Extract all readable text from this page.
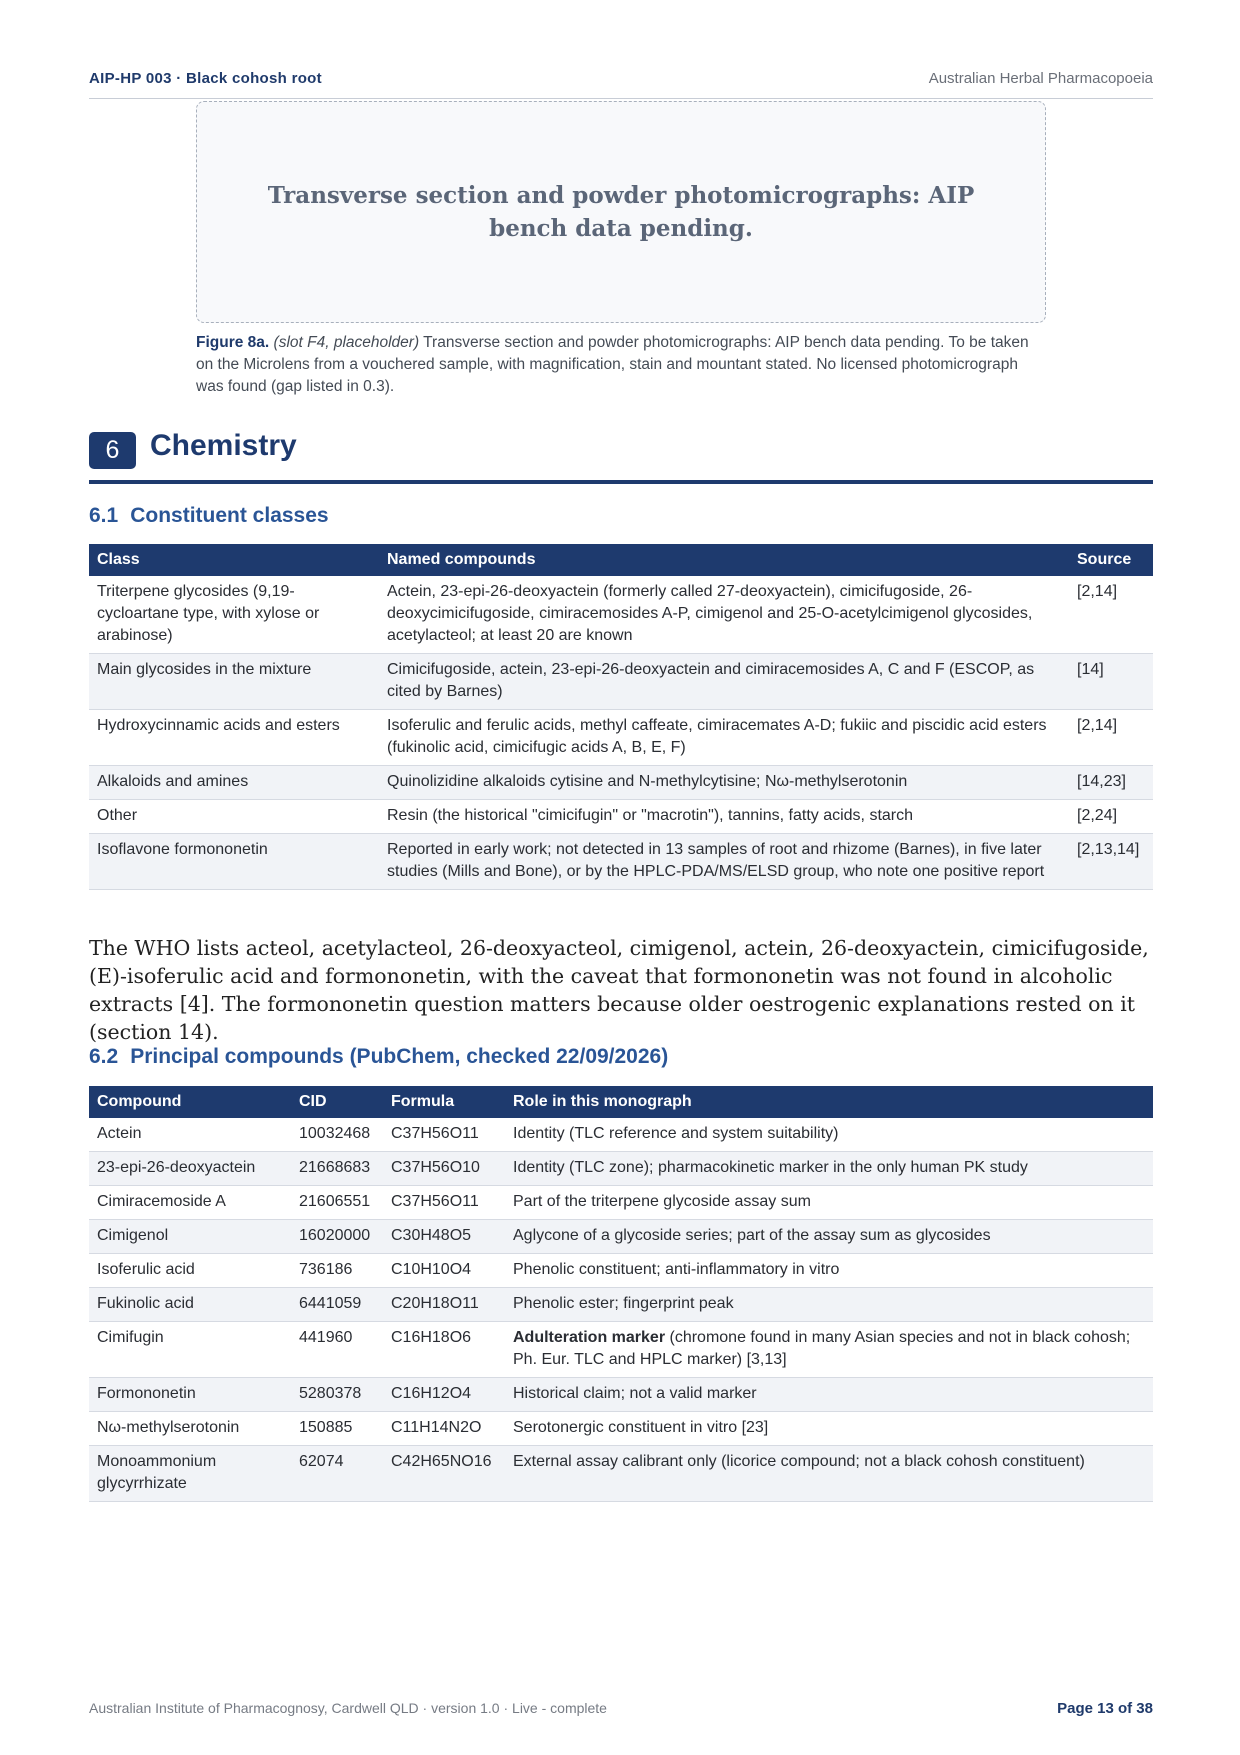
AIP-HP 003 · Black cohosh root	Australian Herbal Pharmacopoeia
Transverse section and powder photomicrographs: AIP bench data pending.
Figure 8a. (slot F4, placeholder) Transverse section and powder photomicrographs: AIP bench data pending. To be taken on the Microlens from a vouchered sample, with magnification, stain and mountant stated. No licensed photomicrograph was found (gap listed in 0.3).
6	Chemistry
6.1 Constituent classes
Class	Named compounds	Source
Triterpene glycosides (9,19-cycloartane type, with xylose or arabinose)	Actein, 23-epi-26-deoxyactein (formerly called 27-deoxyactein), cimicifugoside, 26-deoxycimicifugoside, cimiracemosides A-P, cimigenol and 25-O-acetylcimigenol glycosides, acetylacteol; at least 20 are known	[2,14]
Main glycosides in the mixture	Cimicifugoside, actein, 23-epi-26-deoxyactein and cimiracemosides A, C and F (ESCOP, as cited by Barnes)	[14]
Hydroxycinnamic acids and esters	Isoferulic and ferulic acids, methyl caffeate, cimiracemates A-D; fukiic and piscidic acid esters (fukinolic acid, cimicifugic acids A, B, E, F)	[2,14]
Alkaloids and amines	Quinolizidine alkaloids cytisine and N-methylcytisine; Nω-methylserotonin	[14,23]
Other	Resin (the historical "cimicifugin" or "macrotin"), tannins, fatty acids, starch	[2,24]
Isoflavone formononetin	Reported in early work; not detected in 13 samples of root and rhizome (Barnes), in five later studies (Mills and Bone), or by the HPLC-PDA/MS/ELSD group, who note one positive report	[2,13,14]
The WHO lists acteol, acetylacteol, 26-deoxyacteol, cimigenol, actein, 26-deoxyactein, cimicifugoside, (E)-isoferulic acid and formononetin, with the caveat that formononetin was not found in alcoholic extracts [4]. The formononetin question matters because older oestrogenic explanations rested on it (section 14).
6.2 Principal compounds (PubChem, checked 22/09/2026)
Compound	CID	Formula	Role in this monograph
Actein	10032468	C37H56O11	Identity (TLC reference and system suitability)
23-epi-26-deoxyactein	21668683	C37H56O10	Identity (TLC zone); pharmacokinetic marker in the only human PK study
Cimiracemoside A	21606551	C37H56O11	Part of the triterpene glycoside assay sum
Cimigenol	16020000	C30H48O5	Aglycone of a glycoside series; part of the assay sum as glycosides
Isoferulic acid	736186	C10H10O4	Phenolic constituent; anti-inflammatory in vitro
Fukinolic acid	6441059	C20H18O11	Phenolic ester; fingerprint peak
Cimifugin	441960	C16H18O6	Adulteration marker (chromone found in many Asian species and not in black cohosh; Ph. Eur. TLC and HPLC marker) [3,13]
Formononetin	5280378	C16H12O4	Historical claim; not a valid marker
Nω-methylserotonin	150885	C11H14N2O	Serotonergic constituent in vitro [23]
Monoammonium glycyrrhizate	62074	C42H65NO16	External assay calibrant only (licorice compound; not a black cohosh constituent)
Australian Institute of Pharmacognosy, Cardwell QLD · version 1.0 · Live - complete	Page 13 of 38
